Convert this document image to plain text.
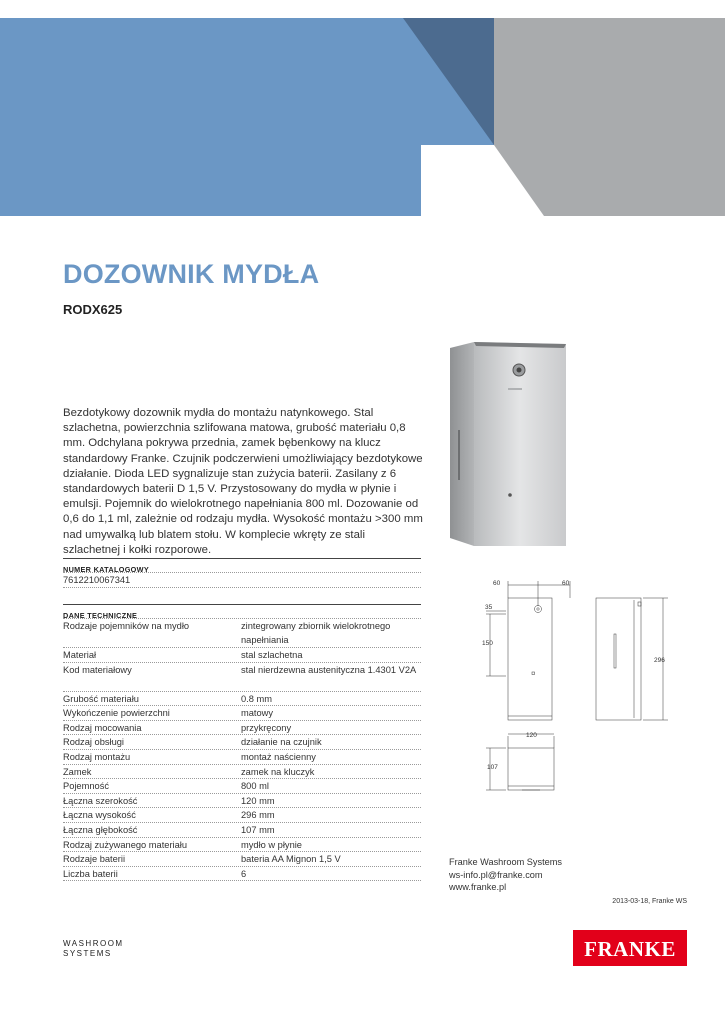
DOZOWNIK MYDŁA
RODX625
Bezdotykowy dozownik mydła do montażu natynkowego. Stal szlachetna, powierzchnia szlifowana matowa, grubość materiału 0,8 mm. Odchylana pokrywa przednia, zamek bębenkowy na klucz standardowy Franke. Czujnik podczerwieni umożliwiający bezdotykowe działanie. Dioda LED sygnalizuje stan zużycia baterii. Zasilany z 6 standardowych baterii D 1,5 V. Przystosowany do mydła w płynie i emulsji. Pojemnik do wielokrotnego napełniania 800 ml. Dozowanie od 0,6 do 1,1 ml, zależnie od rodzaju mydła. Wysokość montażu >300 mm nad umywalką lub blatem stołu. W komplecie wkręty ze stali szlachetnej i kołki rozporowe.
NUMER KATALOGOWY
7612210067341
DANE TECHNICZNE
Rodzaje pojemników na mydło	zintegrowany zbiornik wielokrotnego napełniania
Materiał	stal szlachetna
Kod materiałowy	stal nierdzewna austenityczna 1.4301 V2A
Grubość materiału	0.8 mm
Wykończenie powierzchni	matowy
Rodzaj mocowania	przykręcony
Rodzaj obsługi	działanie na czujnik
Rodzaj montażu	montaż naścienny
Zamek	zamek na kluczyk
Pojemność	800 ml
Łączna szerokość	120 mm
Łączna wysokość	296 mm
Łączna głębokość	107 mm
Rodzaj zużywanego materiału	mydło w płynie
Rodzaje baterii	bateria AA Mignon 1,5 V
Liczba baterii	6
60	60
35
150
296
120
107
Franke Washroom Systems
ws-info.pl@franke.com
www.franke.pl
2013-03-18, Franke WS
WASHROOM
SYSTEMS	FRANKE
